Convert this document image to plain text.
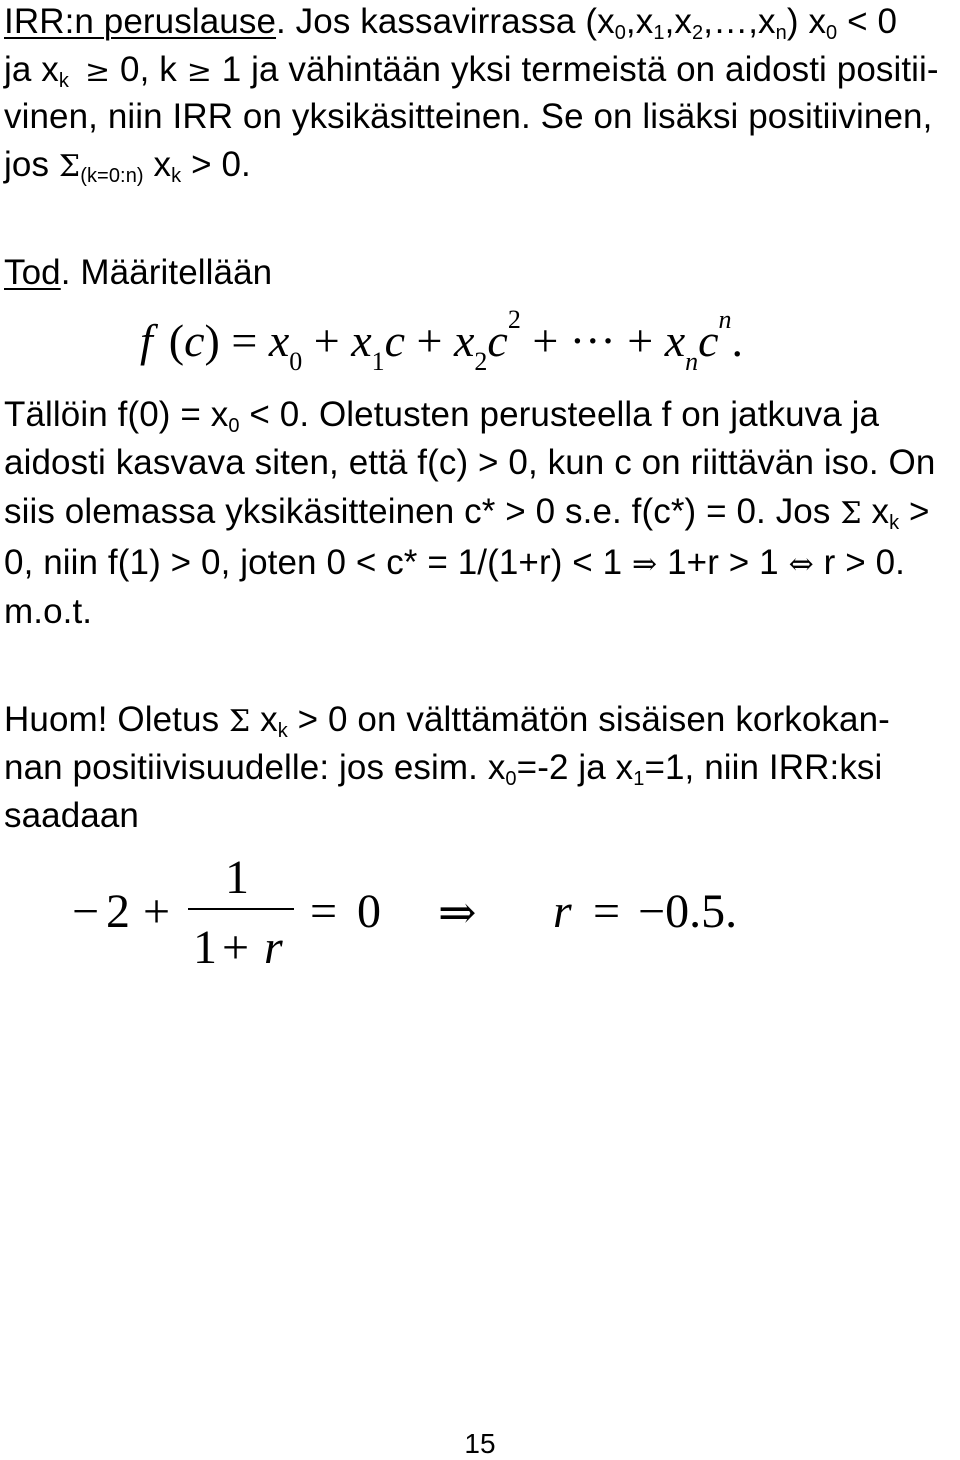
IRR:n peruslause. Jos kassavirrassa $(x_0,x_1,x_2,\dots,x_n) x_0 < 0$
ja $x_k \ge 0$, k ≥ 1 ja vähintään yksi termeistä on aidosti positii-
vinen, niin IRR on yksikäsitteinen. Se on lisäksi positiivinen,
jos $\Sigma_{(k=0:n)}$ $x_k > 0$.
Tod. Määritellään
f $(c) = x_0 + x_1c + x_2c^2$ + ··· + $x_nc^n$.
Tällöin $f(0) = x_0 < 0$. Oletusten perusteella f on jatkuva ja
aidosti kasvava siten, että f(c) > 0, kun c on riittävän iso. On
siis olemassa yksikäsitteinen c* > 0 s.e. f(c*) = 0. Jos Σ $x_k$ >
0, niin f(1) > 0, joten 0 < c* = 1/(1+r) < 1 ⇒ 1+r > 1 ⇔ r > 0.
m.o.t.
Huom! Oletus Σ $x_k > 0$ on välttämätön sisäisen korkokan-
nan positiivisuudelle: jos esim. $x_0=-2$ ja $x_1=1$, niin IRR:ksi
saadaan
− 2 +
1
1 + r
= 0 ⇒ r = −0.5.
15
